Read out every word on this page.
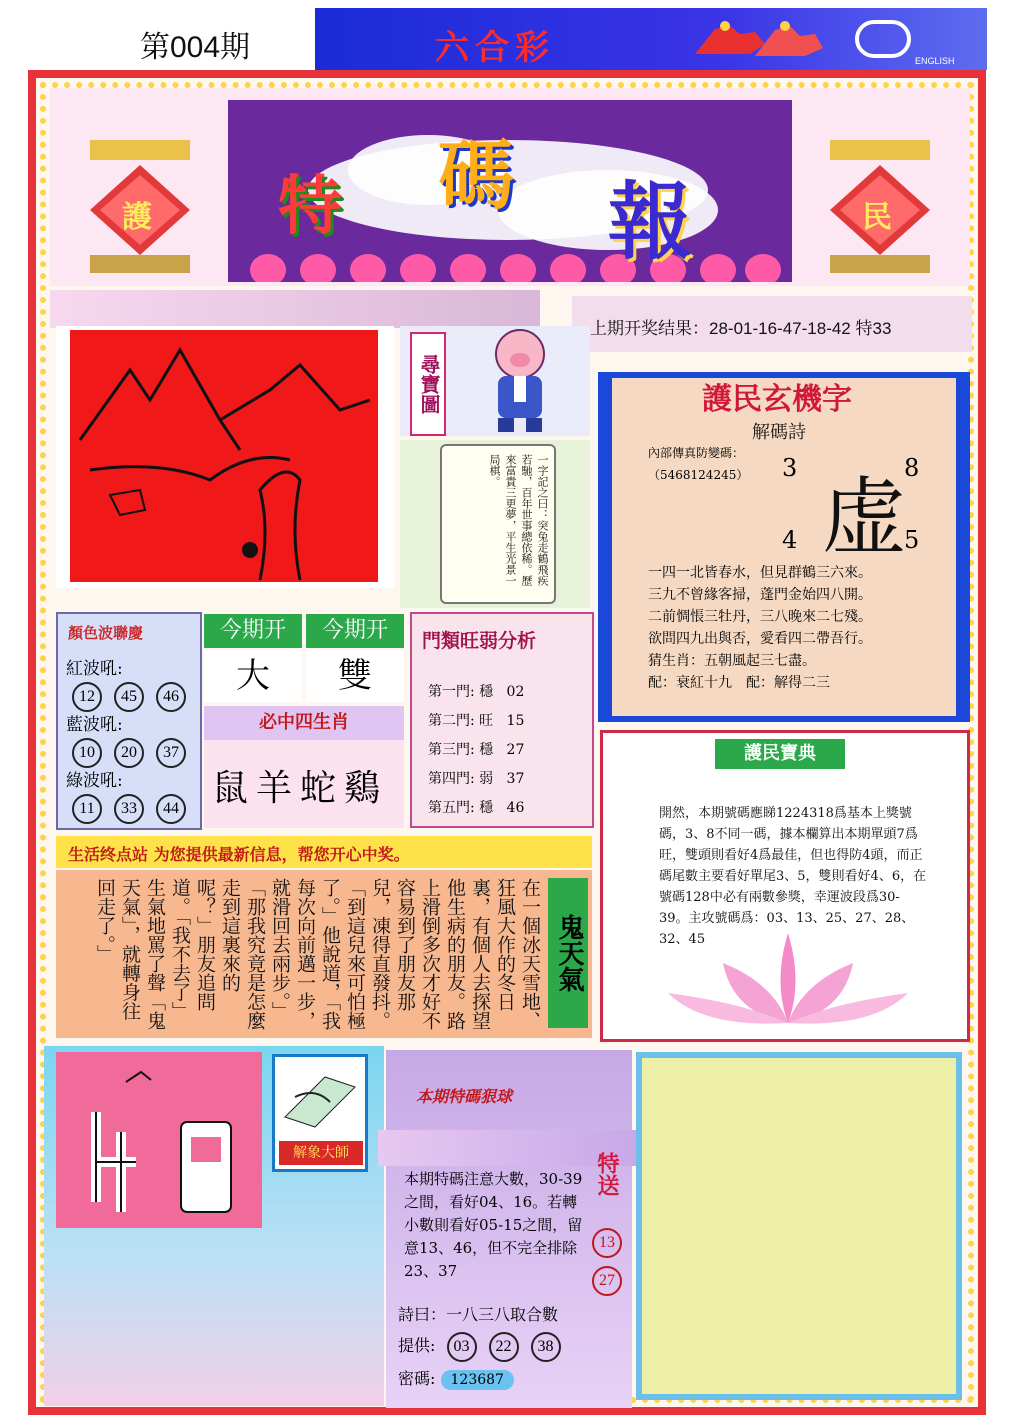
第004期	六合彩	ENGLISH
護	民
特 碼 報
上期开奖结果：28-01-16-47-18-42 特33
尋寶圖
一字記之曰：突兔走鶴飛疾若馳，百年世事總依稀。歷來富貴三更夢，平生光景一局棋。
護民玄機字
解碼詩
內部傳真防變碼：
（5468124245） 虚
3	8
4	5
一四一北皆春水，但見群鶴三六來。
三九不曾緣客掃，蓬門金始四八開。
二前惆悵三牡丹，三八晚來二七殘。
欲問四九出與否，愛看四二帶吾行。
猜生肖：五朝風起三七盡。
配：衰紅十九　配：解得二三
顏色波聯慶
紅波吼:
12 45 46
藍波吼:
10 20 37
綠波吼:
11 33 44
今期开	今期开
大	雙
必中四生肖
鼠羊蛇鷄
門類旺弱分析
第一門: 穩 02
第二門: 旺 15
第三門: 穩 27
第四門: 弱 37
第五門: 穩 46
護民寶典
開然，本期號碼應睇1224318爲基本上獎號碼，3、8不同一碼，據本欄算出本期單頭7爲旺，雙頭則看好4爲最佳，但也得防4頭，而正碼尾數主要看好單尾3、5，雙則看好4、6，在號碼128中必有兩數參獎，幸運波段爲30-39。主攻號碼爲：03、13、25、27、28、32、45
生活终点站 为您提供最新信息，帮您开心中奖。
鬼天氣
在一個冰天雪地、狂風大作的冬日裏，有個人去探望他生病的朋友。路上滑倒多次才好不容易到了朋友那兒，凍得直發抖。「到這兒來可怕極了。」他說道，「我每次向前邁一步，就滑回去兩步。」「那我究竟是怎麼走到這裏來的呢？」朋友追問道。「我不去了」生氣地罵了聲「鬼天氣」，就轉身往回走了。」
解象大師
本期特碼狠球
本期特碼注意大數，30-39之間，看好04、16。若轉小數則看好05-15之間，留意13、46，但不完全排除23、37
特送
13 27
詩曰：一八三八取合數
提供: 03 22 38
密碼: 123687
